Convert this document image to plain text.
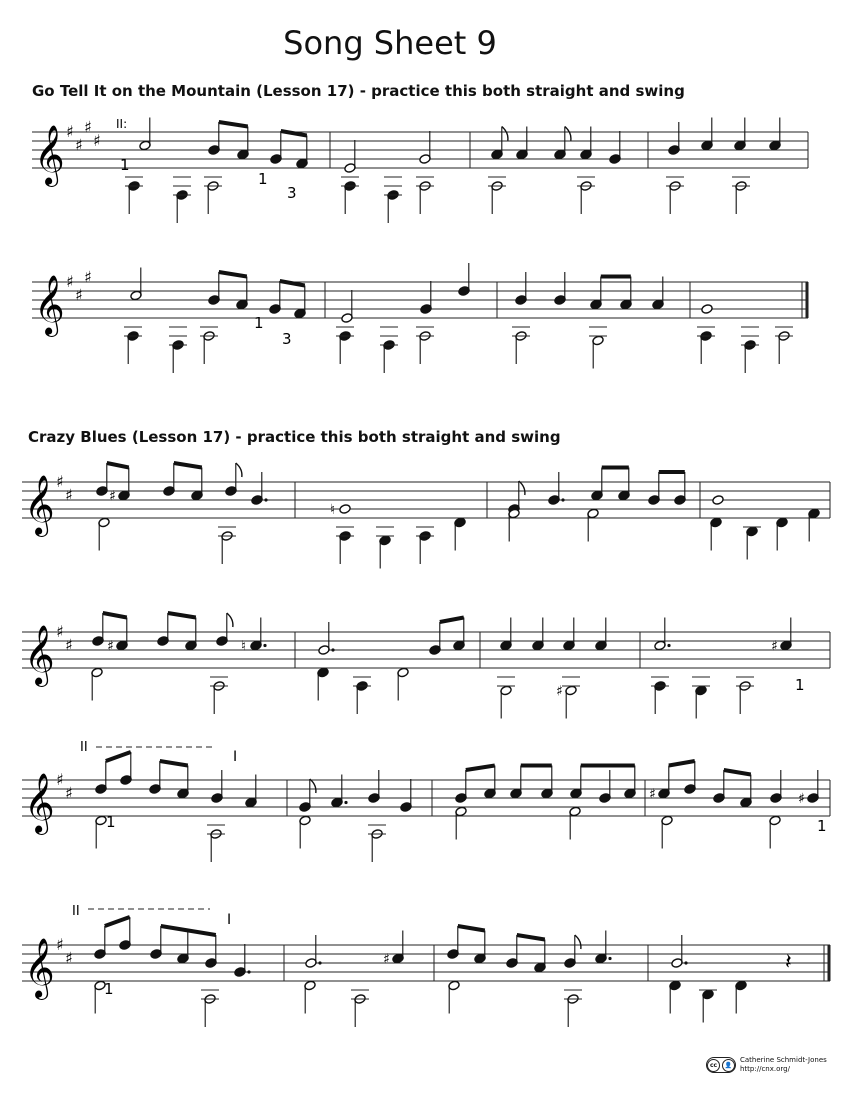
Song Sheet 9
Go Tell It on the Mountain (Lesson 17) - practice this both straight and swing
Crazy Blues (Lesson 17) - practice this both straight and swing
𝄞 ♯
♯
♯
♯
II:
1
1
3
𝄞 ♯
♯
♯
1
3
𝄞 ♯
♯	♯
♮
𝄞 ♯
♯ ♯	♮
♯
♯
1
II
I
𝄞 ♯
♯	♯	♯
1	1
II
I
𝄞 ♯
♯	♯	𝄽
1
cc	👤
Catherine Schmidt-Jones
http://cnx.org/
